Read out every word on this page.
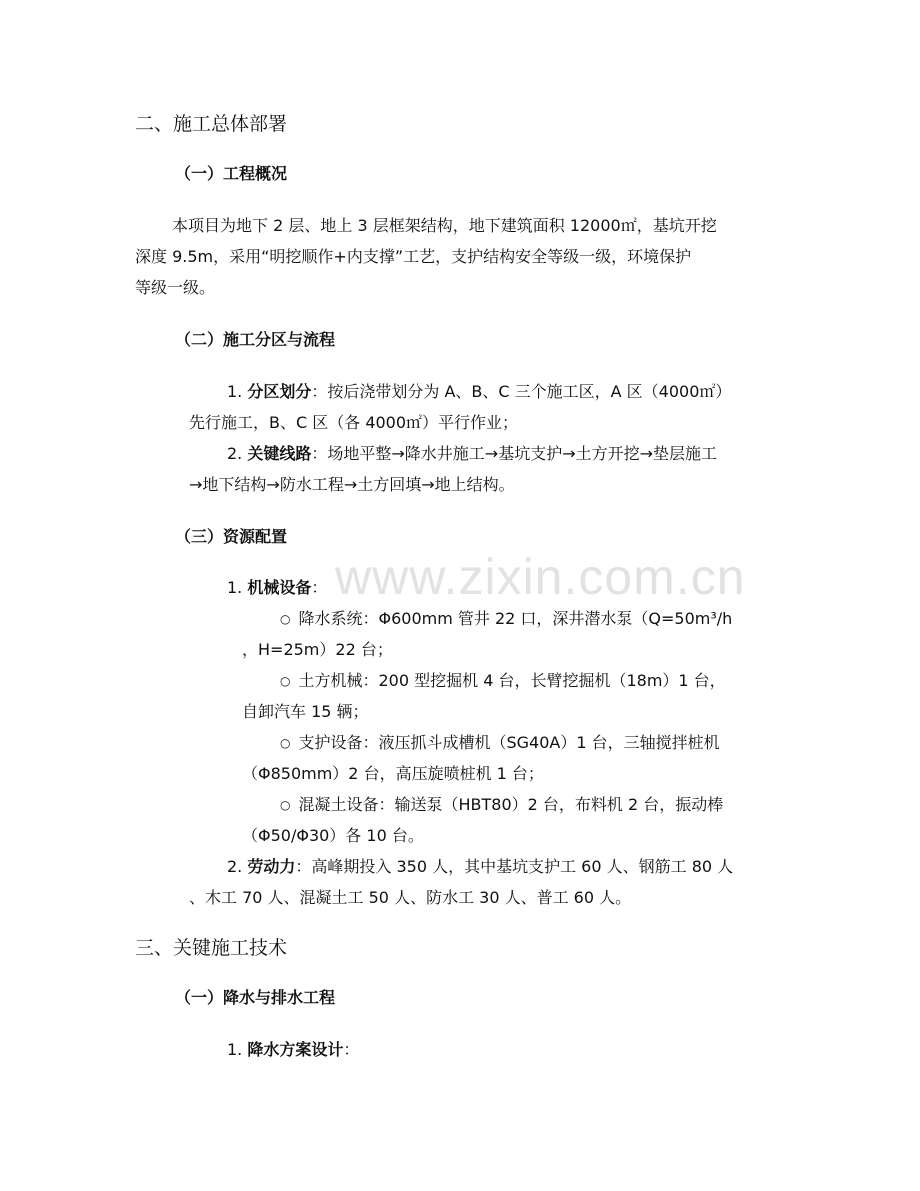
www.zixin.com.cn
二、施工总体部署
（一）工程概况
本项目为地下 2 层、地上 3 层框架结构，地下建筑面积 12000㎡，基坑开挖
深度 9.5m，采用“明挖顺作+内支撑”工艺，支护结构安全等级一级，环境保护
等级一级。
（二）施工分区与流程
1. 分区划分：按后浇带划分为 A、B、C 三个施工区，A 区（4000㎡）
先行施工，B、C 区（各 4000㎡）平行作业；
2. 关键线路：场地平整→降水井施工→基坑支护→土方开挖→垫层施工
→地下结构→防水工程→土方回填→地上结构。
（三）资源配置
1. 机械设备：
○ 降水系统：Φ600mm 管井 22 口，深井潜水泵（Q=50m³/h
，H=25m）22 台；
○ 土方机械：200 型挖掘机 4 台，长臂挖掘机（18m）1 台，
自卸汽车 15 辆；
○ 支护设备：液压抓斗成槽机（SG40A）1 台，三轴搅拌桩机
（Φ850mm）2 台，高压旋喷桩机 1 台；
○ 混凝土设备：输送泵（HBT80）2 台，布料机 2 台，振动棒
（Φ50/Φ30）各 10 台。
2. 劳动力：高峰期投入 350 人，其中基坑支护工 60 人、钢筋工 80 人
、木工 70 人、混凝土工 50 人、防水工 30 人、普工 60 人。
三、关键施工技术
（一）降水与排水工程
1. 降水方案设计：
